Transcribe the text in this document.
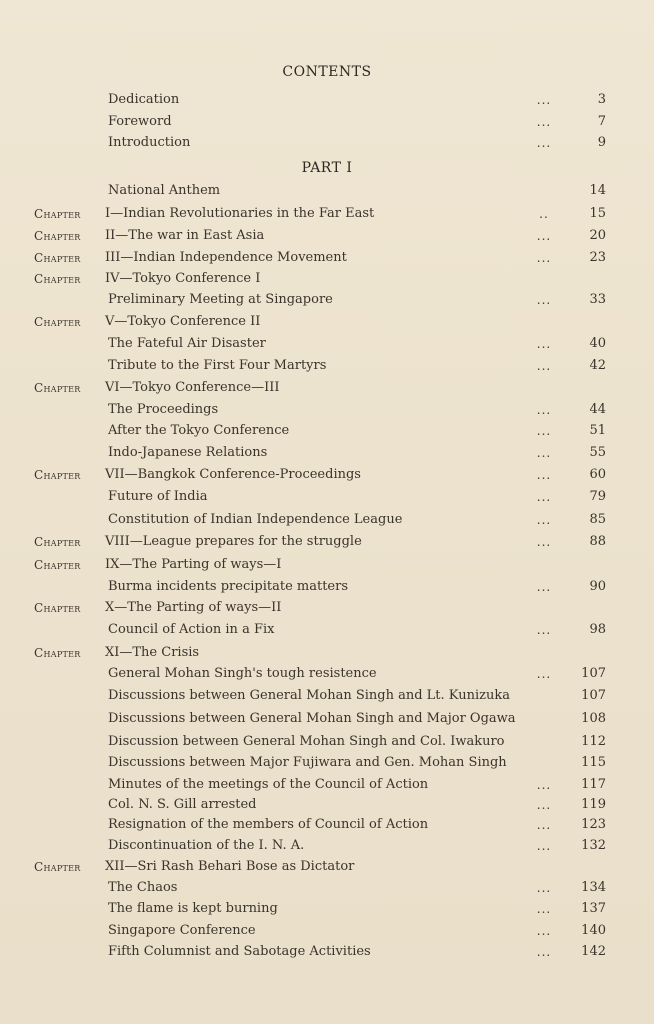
CONTENTS
Dedication	...	3
Foreword	...	7
Introduction	...	9
PART I
National Anthem	14
Chapter I—Indian Revolutionaries in the Far East	..	15
Chapter II—The war in East Asia	...	20
Chapter III—Indian Independence Movement	...	23
Chapter IV—Tokyo Conference I
Preliminary Meeting at Singapore	...	33
Chapter V—Tokyo Conference II
The Fateful Air Disaster	...	40
Tribute to the First Four Martyrs	...	42
Chapter VI—Tokyo Conference—III
The Proceedings	...	44
After the Tokyo Conference	...	51
Indo-Japanese Relations	...	55
Chapter VII—Bangkok Conference-Proceedings	...	60
Future of India	...	79
Constitution of Indian Independence League	...	85
Chapter VIII—League prepares for the struggle	...	88
Chapter IX—The Parting of ways—I
Burma incidents precipitate matters	...	90
Chapter X—The Parting of ways—II
Council of Action in a Fix	...	98
Chapter XI—The Crisis
General Mohan Singh's tough resistence	...	107
Discussions between General Mohan Singh and Lt. Kunizuka	107
Discussions between General Mohan Singh and Major Ogawa	108
Discussion between General Mohan Singh and Col. Iwakuro	112
Discussions between Major Fujiwara and Gen. Mohan Singh	115
Minutes of the meetings of the Council of Action	...	117
Col. N. S. Gill arrested	...	119
Resignation of the members of Council of Action	...	123
Discontinuation of the I. N. A.	...	132
Chapter XII—Sri Rash Behari Bose as Dictator
The Chaos	...	134
The flame is kept burning	...	137
Singapore Conference	...	140
Fifth Columnist and Sabotage Activities	...	142
